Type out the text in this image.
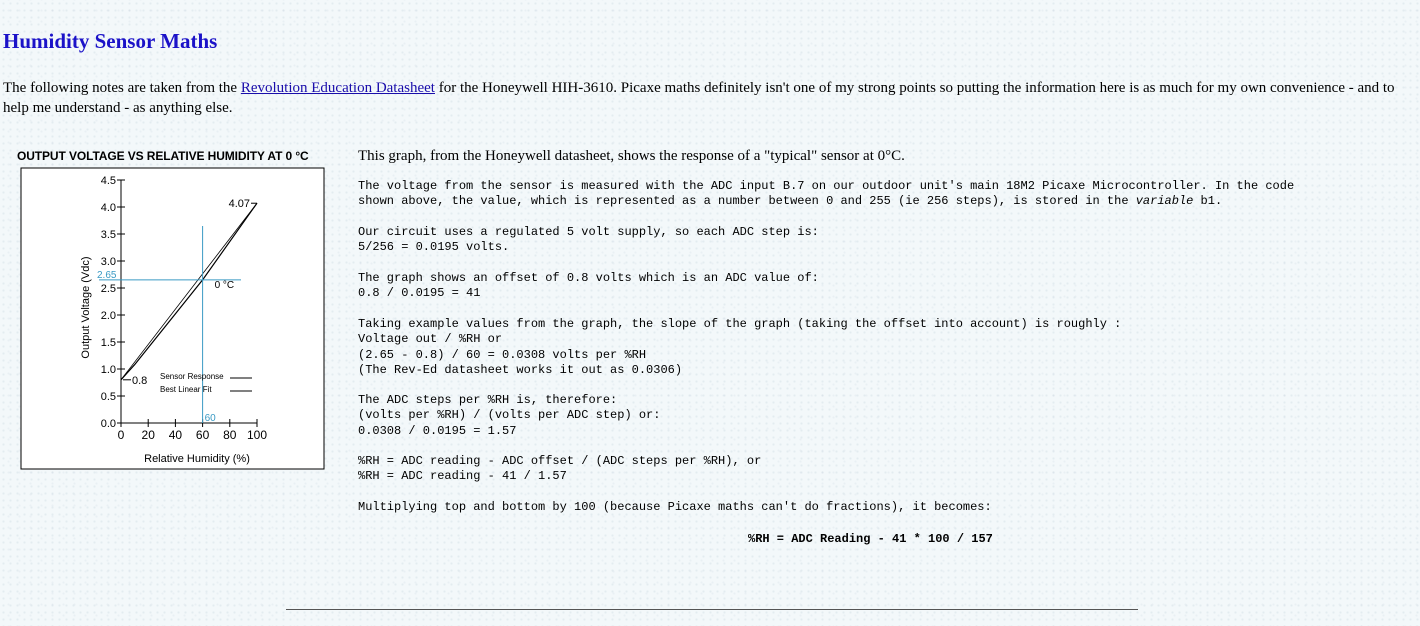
Humidity Sensor Maths

The following notes are taken from the Revolution Education Datasheet for the Honeywell HIH-3610. Picaxe maths definitely isn't one of my strong points so putting the information here is as much for my own convenience - and to help me understand - as anything else.

0.0
0.5
1.0
1.5
2.0
2.5
3.0
3.5
4.0
4.5
0 20 40 60 80 100
Relative Humidity (%)
Output Voltage (Vdc)
4.07
0.8
0 °C
2.65
60
Sensor Response
Best Linear Fit
OUTPUT VOLTAGE VS RELATIVE HUMIDITY AT 0 °C	This graph, from the Honeywell datasheet, shows the response of a "typical" sensor at 0°C.

The voltage from the sensor is measured with the ADC input B.7 on our outdoor unit's main 18M2 Picaxe Microcontroller. In the code
shown above, the value, which is represented as a number between 0 and 255 (ie 256 steps), is stored in the variable b1.

Our circuit uses a regulated 5 volt supply, so each ADC step is:
5/256 = 0.0195 volts.

The graph shows an offset of 0.8 volts which is an ADC value of:
0.8 / 0.0195 = 41

Taking example values from the graph, the slope of the graph (taking the offset into account) is roughly :
Voltage out / %RH or
(2.65 - 0.8) / 60 = 0.0308 volts per %RH
(The Rev-Ed datasheet works it out as 0.0306)

The ADC steps per %RH is, therefore:
(volts per %RH) / (volts per ADC step) or:
0.0308 / 0.0195 = 1.57

%RH = ADC reading - ADC offset / (ADC steps per %RH), or
%RH = ADC reading - 41 / 1.57

Multiplying top and bottom by 100 (because Picaxe maths can't do fractions), it becomes:

%RH = ADC Reading - 41 * 100 / 157
